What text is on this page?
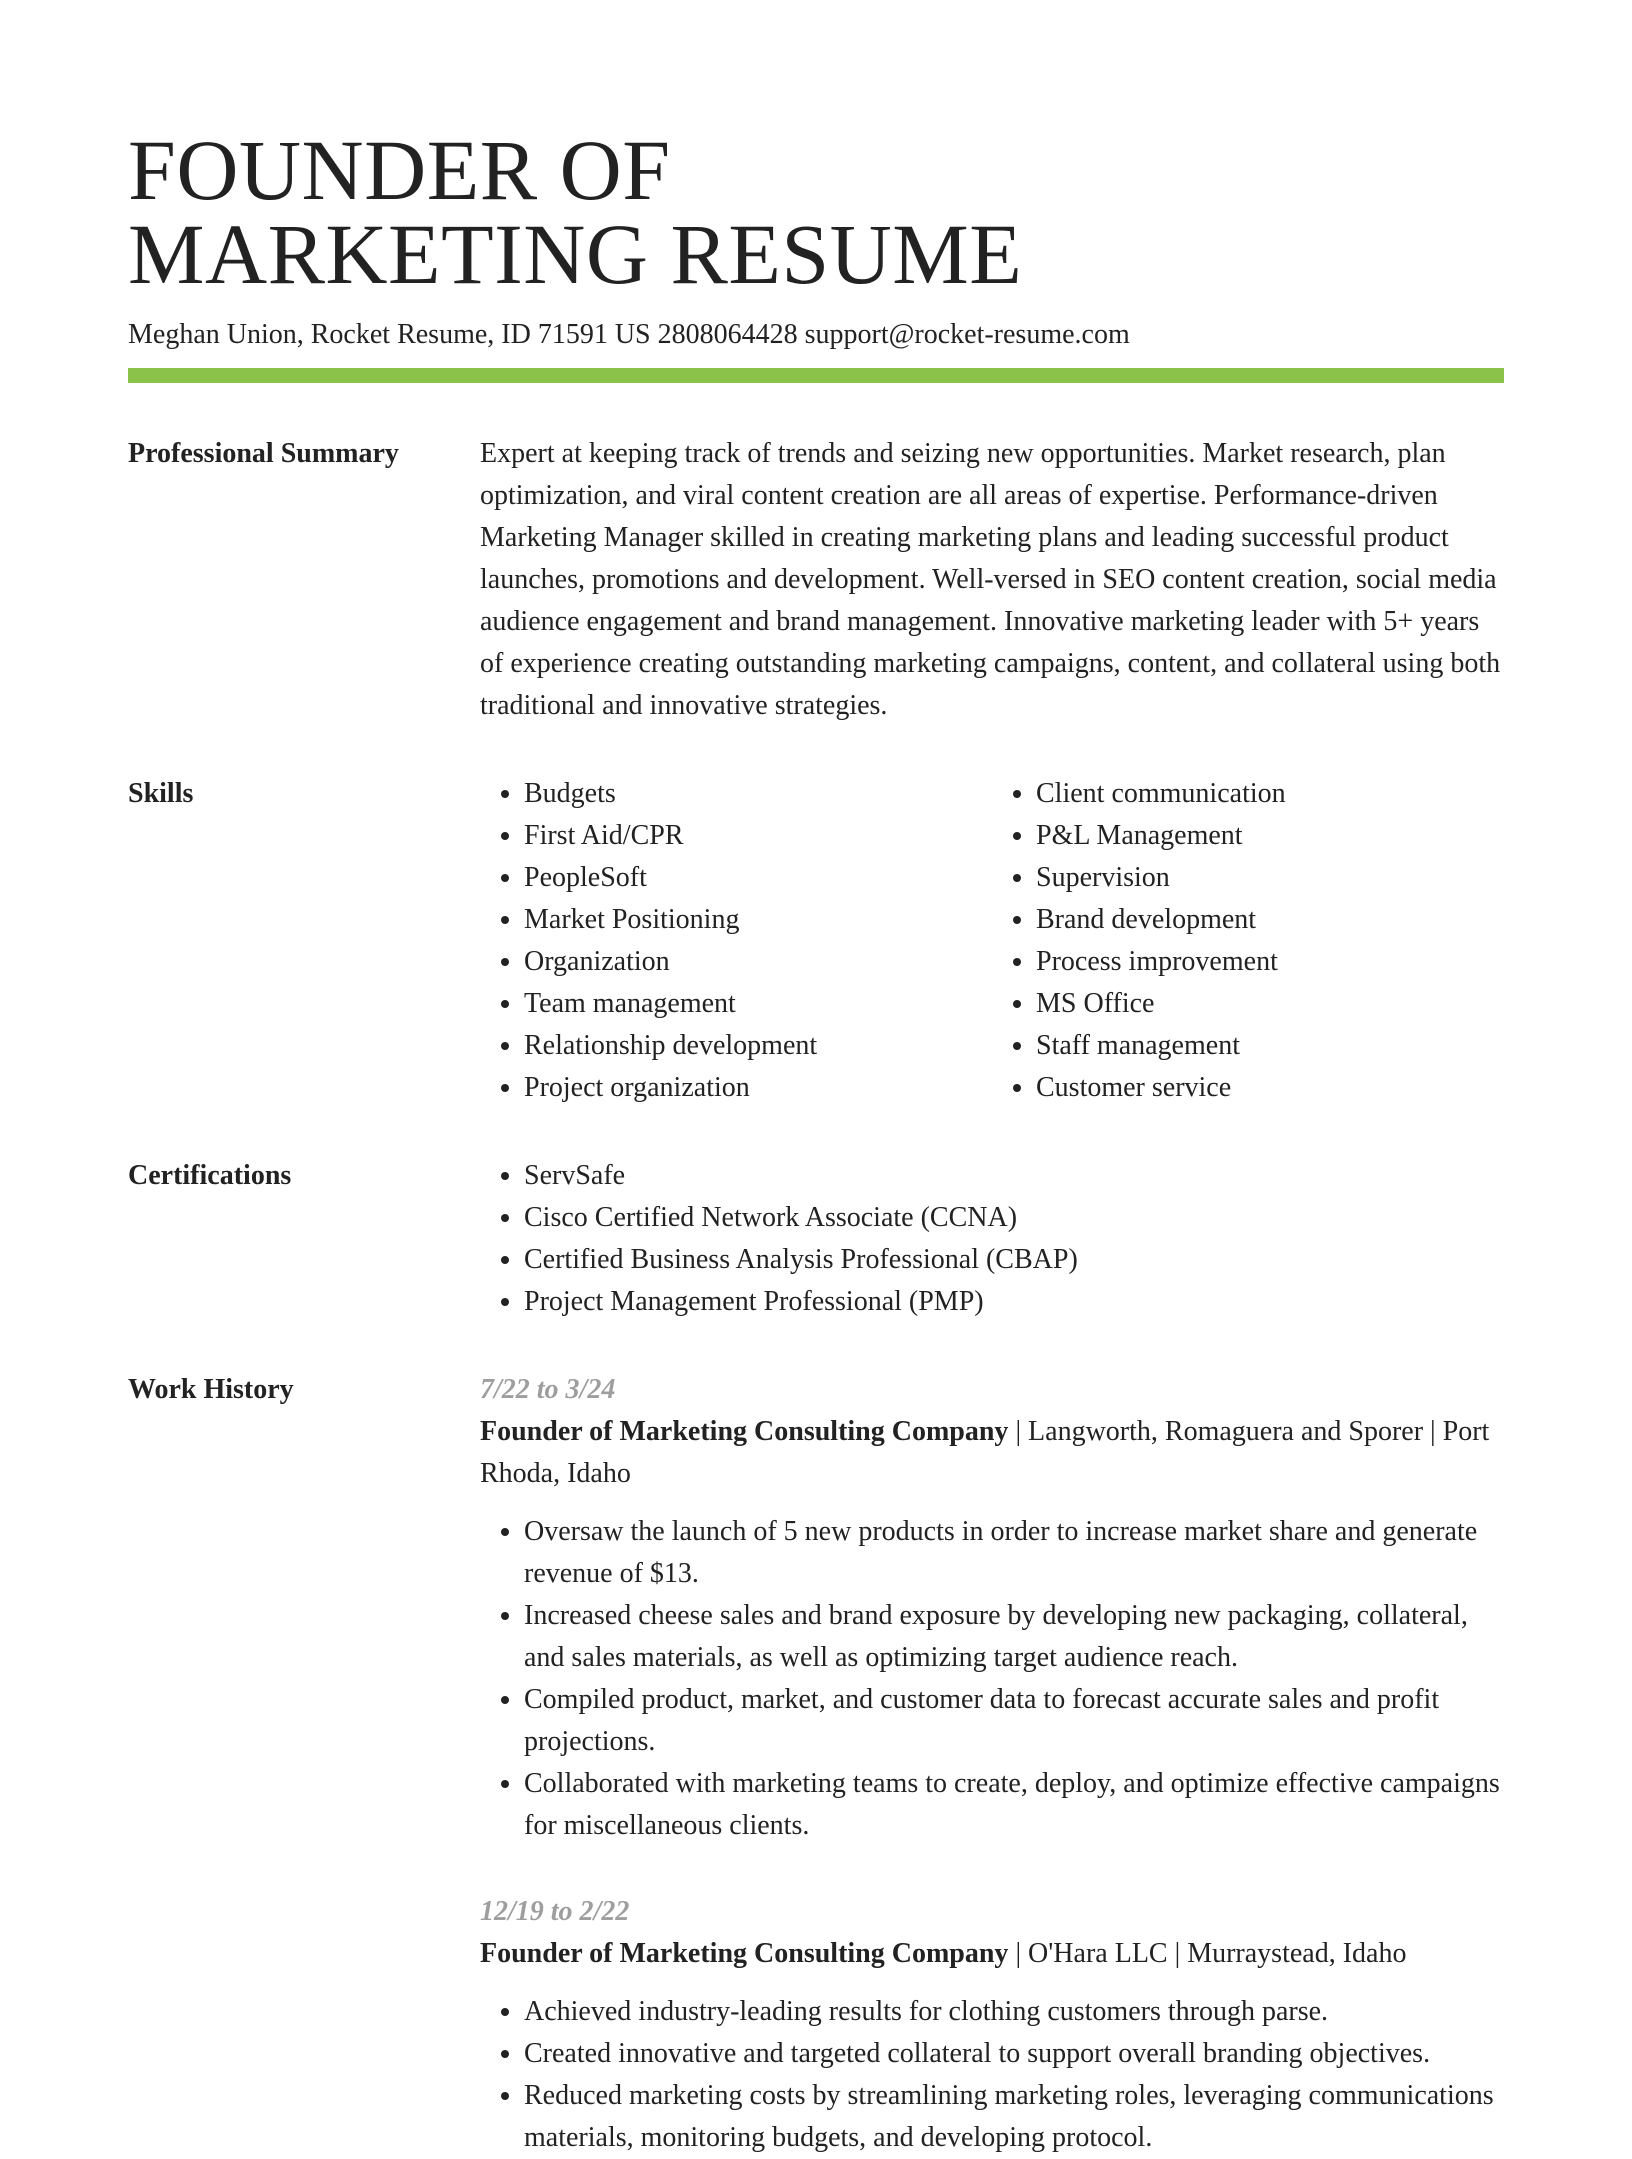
FOUNDER OF
MARKETING RESUME
Meghan Union, Rocket Resume, ID 71591 US 2808064428 support@rocket-resume.com
Professional Summary	Expert at keeping track of trends and seizing new opportunities. Market research, plan optimization, and viral content creation are all areas of expertise. Performance-driven Marketing Manager skilled in creating marketing plans and leading successful product launches, promotions and development. Well-versed in SEO content creation, social media audience engagement and brand management. Innovative marketing leader with 5+ years of experience creating outstanding marketing campaigns, content, and collateral using both traditional and innovative strategies.

Skills	• Budgets
• First Aid/CPR
• PeopleSoft
• Market Positioning
• Organization
• Team management
• Relationship development
• Project organization
• Client communication
• P&L Management
• Supervision
• Brand development
• Process improvement
• MS Office
• Staff management
• Customer service
Certifications	• ServSafe
• Cisco Certified Network Associate (CCNA)
• Certified Business Analysis Professional (CBAP)
• Project Management Professional (PMP)
Work History	7/22 to 3/24
Founder of Marketing Consulting Company | Langworth, Romaguera and Sporer | Port Rhoda, Idaho
• Oversaw the launch of 5 new products in order to increase market share and generate revenue of $13.
• Increased cheese sales and brand exposure by developing new packaging, collateral, and sales materials, as well as optimizing target audience reach.
• Compiled product, market, and customer data to forecast accurate sales and profit projections.
• Collaborated with marketing teams to create, deploy, and optimize effective campaigns for miscellaneous clients.
12/19 to 2/22
Founder of Marketing Consulting Company | O'Hara LLC | Murraystead, Idaho
• Achieved industry-leading results for clothing customers through parse.
• Created innovative and targeted collateral to support overall branding objectives.
• Reduced marketing costs by streamlining marketing roles, leveraging communications materials, monitoring budgets, and developing protocol.
